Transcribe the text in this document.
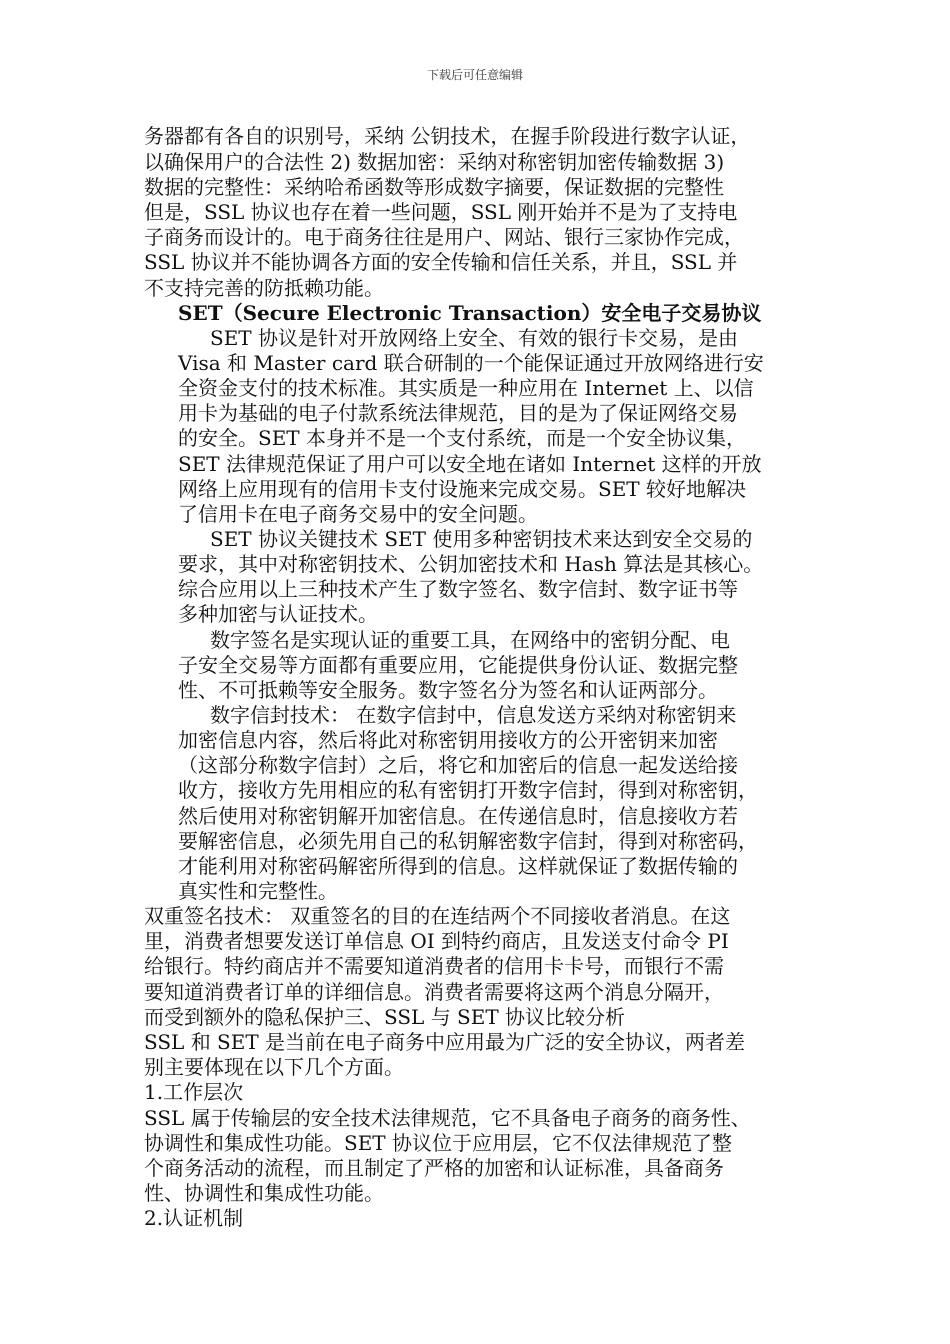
下载后可任意编辑
务器都有各自的识别号，采纳 公钥技术，在握手阶段进行数字认证，
以确保用户的合法性 2) 数据加密：采纳对称密钥加密传输数据 3)
数据的完整性：采纳哈希函数等形成数字摘要，保证数据的完整性
但是，SSL 协议也存在着一些问题，SSL 刚开始并不是为了支持电
子商务而设计的。电于商务往往是用户、网站、银行三家协作完成，
SSL 协议并不能协调各方面的安全传输和信任关系，并且，SSL 并
不支持完善的防抵赖功能。
SET（Secure Electronic Transaction）安全电子交易协议
SET 协议是针对开放网络上安全、有效的银行卡交易，是由
Visa 和 Master card 联合研制的一个能保证通过开放网络进行安
全资金支付的技术标准。其实质是一种应用在 Internet 上、以信
用卡为基础的电子付款系统法律规范，目的是为了保证网络交易
的安全。SET 本身并不是一个支付系统，而是一个安全协议集，
SET 法律规范保证了用户可以安全地在诸如 Internet 这样的开放
网络上应用现有的信用卡支付设施来完成交易。SET 较好地解决
了信用卡在电子商务交易中的安全问题。
SET 协议关键技术 SET 使用多种密钥技术来达到安全交易的
要求，其中对称密钥技术、公钥加密技术和 Hash 算法是其核心。
综合应用以上三种技术产生了数字签名、数字信封、数字证书等
多种加密与认证技术。
数字签名是实现认证的重要工具，在网络中的密钥分配、电
子安全交易等方面都有重要应用，它能提供身份认证、数据完整
性、不可抵赖等安全服务。数字签名分为签名和认证两部分。
数字信封技术： 在数字信封中，信息发送方采纳对称密钥来
加密信息内容，然后将此对称密钥用接收方的公开密钥来加密
（这部分称数字信封）之后，将它和加密后的信息一起发送给接
收方，接收方先用相应的私有密钥打开数字信封，得到对称密钥，
然后使用对称密钥解开加密信息。在传递信息时，信息接收方若
要解密信息，必须先用自己的私钥解密数字信封，得到对称密码，
才能利用对称密码解密所得到的信息。这样就保证了数据传输的
真实性和完整性。
双重签名技术： 双重签名的目的在连结两个不同接收者消息。在这
里，消费者想要发送订单信息 OI 到特约商店，且发送支付命令 PI
给银行。特约商店并不需要知道消费者的信用卡卡号，而银行不需
要知道消费者订单的详细信息。消费者需要将这两个消息分隔开，
而受到额外的隐私保护三、SSL 与 SET 协议比较分析
SSL 和 SET 是当前在电子商务中应用最为广泛的安全协议，两者差
别主要体现在以下几个方面。
1.工作层次
SSL 属于传输层的安全技术法律规范，它不具备电子商务的商务性、
协调性和集成性功能。SET 协议位于应用层，它不仅法律规范了整
个商务活动的流程，而且制定了严格的加密和认证标准，具备商务
性、协调性和集成性功能。
2.认证机制
